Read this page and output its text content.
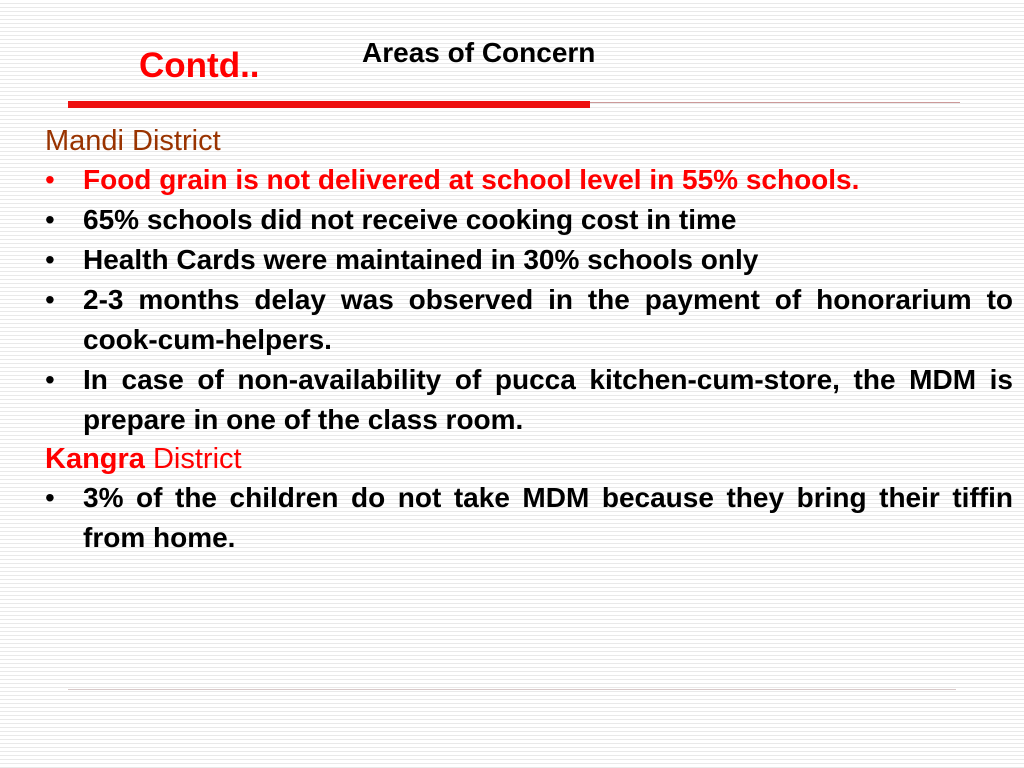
Contd..	Areas of Concern
Mandi District
•	Food grain is not delivered at school level in 55% schools.
•	65% schools did not receive cooking cost in time
•	Health Cards were maintained in 30% schools only
•	2-3 months delay was observed in the payment of honorarium to cook-cum-helpers.
•	In case of non-availability of pucca kitchen-cum-store, the MDM is prepare in one of the class room.
Kangra District
•	3% of the children do not take MDM because they bring their tiffin from home.
